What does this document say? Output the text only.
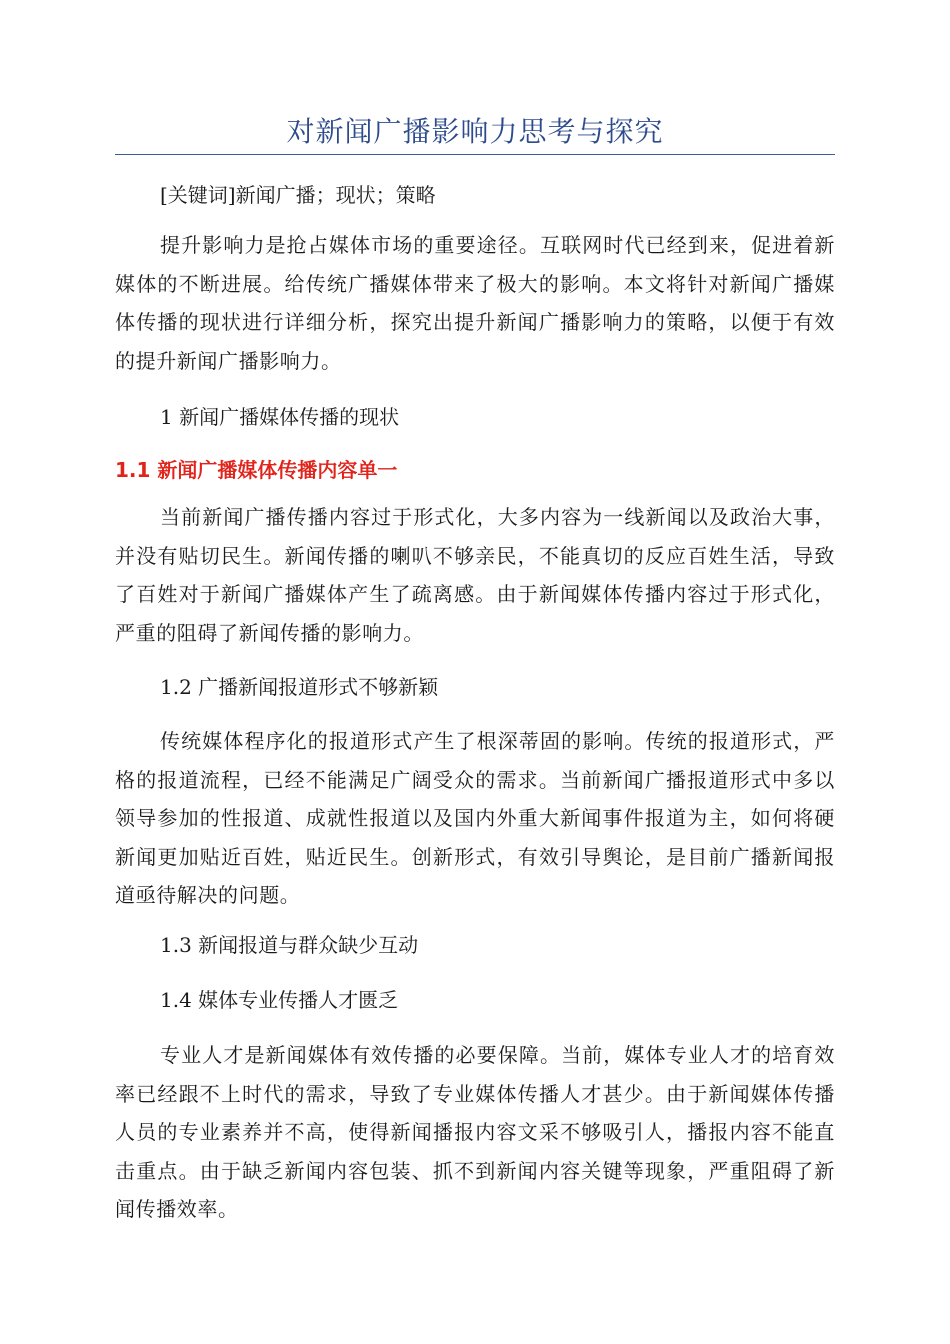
对新闻广播影响力思考与探究

[关键词]新闻广播；现状；策略

提升影响力是抢占媒体市场的重要途径。互联网时代已经到来，促进着新媒体的不断进展。给传统广播媒体带来了极大的影响。本文将针对新闻广播媒体传播的现状进行详细分析，探究出提升新闻广播影响力的策略，以便于有效的提升新闻广播影响力。

1 新闻广播媒体传播的现状
1.1 新闻广播媒体传播内容单一

当前新闻广播传播内容过于形式化，大多内容为一线新闻以及政治大事，并没有贴切民生。新闻传播的喇叭不够亲民，不能真切的反应百姓生活，导致了百姓对于新闻广播媒体产生了疏离感。由于新闻媒体传播内容过于形式化，严重的阻碍了新闻传播的影响力。

1.2 广播新闻报道形式不够新颖

传统媒体程序化的报道形式产生了根深蒂固的影响。传统的报道形式，严格的报道流程，已经不能满足广阔受众的需求。当前新闻广播报道形式中多以领导参加的性报道、成就性报道以及国内外重大新闻事件报道为主，如何将硬新闻更加贴近百姓，贴近民生。创新形式，有效引导舆论，是目前广播新闻报道亟待解决的问题。

1.3 新闻报道与群众缺少互动
1.4 媒体专业传播人才匮乏

专业人才是新闻媒体有效传播的必要保障。当前，媒体专业人才的培育效率已经跟不上时代的需求，导致了专业媒体传播人才甚少。由于新闻媒体传播人员的专业素养并不高，使得新闻播报内容文采不够吸引人，播报内容不能直击重点。由于缺乏新闻内容包装、抓不到新闻内容关键等现象，严重阻碍了新闻传播效率。
